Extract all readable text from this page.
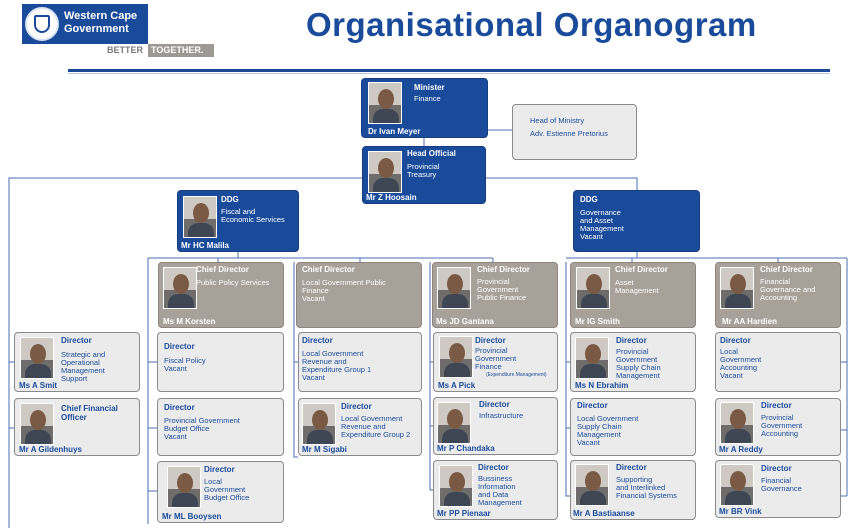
Western Cape
Government
BETTER TOGETHER.
Organisational Organogram
Minister
Finance
Dr Ivan Meyer
Head of Ministry
Adv. Estienne Pretorius
Head Official
Provincial
Treasury
Mr Z Hoosain
DDG
Fiscal and
Economic Services
Mr HC Malila
DDG
Governance
and Asset
Management
Vacant
Chief Director
Public Policy Services
Ms M Korsten
Chief Director
Local Government Public
Finance
Vacant
Chief Director
Provincial
Government
Public Finance
Ms JD Gantana
Chief Director
Asset
Management
Mr IG Smith
Chief Director
Financial
Governance and
Accounting
Mr AA Hardien
Director
Strategic and
Operational
Management
Support
Ms A Smit
Chief Financial
Officer
Mr A Gildenhuys
Director
Fiscal Policy
Vacant
Director
Provincial Government
Budget Office
Vacant
Director
Local
Government
Budget Office
Mr ML Booysen
Director
Local Government
Revenue and
Expenditure Group 1
Vacant
Director
Local Government
Revenue and
Expenditure Group 2
Mr M Sigabi
Director
Provincial
Government
Finance
(Expenditure Management)
Ms A Pick
Director
Infrastructure
Mr P Chandaka
Director
Bussiness
Information
and Data
Management
Mr PP Pienaar
Director
Provincial
Government
Supply Chain
Management
Ms N Ebrahim
Director
Local Government
Supply Chain
Management
Vacant
Director
Supporting
and Interlinked
Financial Systems
Mr A Bastiaanse
Director
Local
Government
Accounting
Vacant
Director
Provincial
Government
Accounting
Mr A Reddy
Director
Financial
Governance
Mr BR Vink
